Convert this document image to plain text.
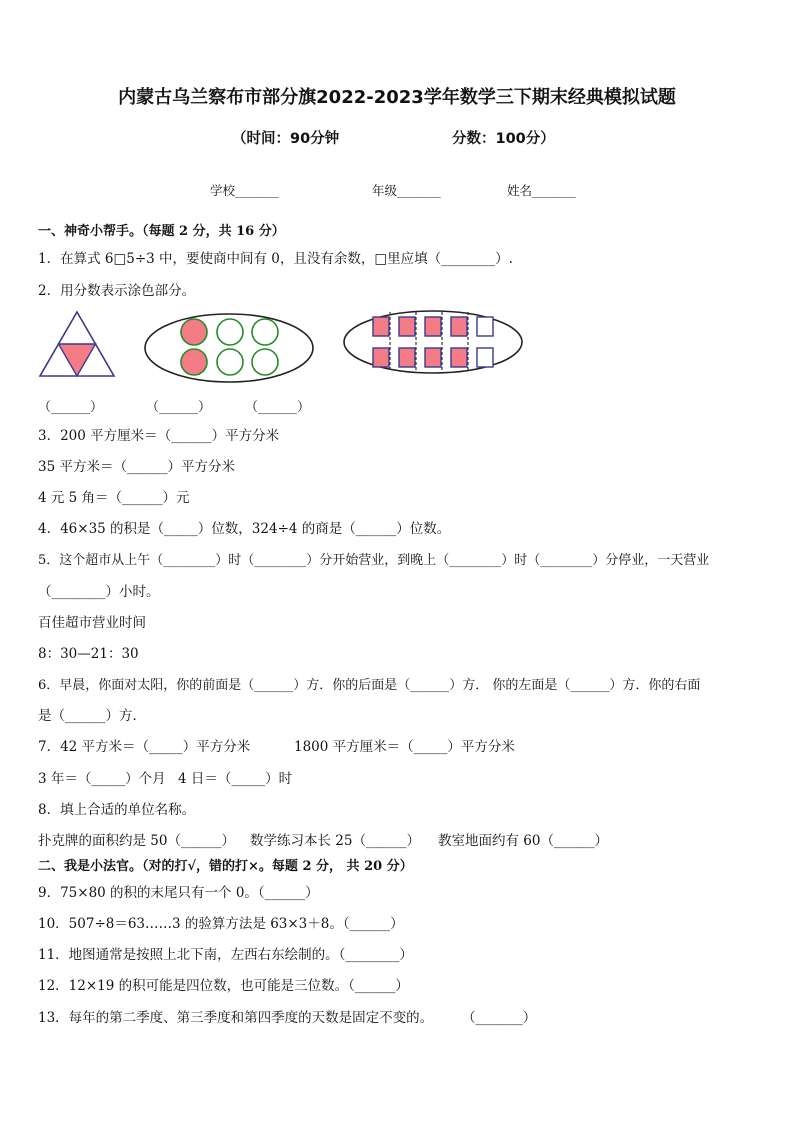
内蒙古乌兰察布市部分旗2022-2023学年数学三下期末经典模拟试题
（时间：90分钟	分数：100分）
学校_______	年级_______	姓名_______
一、神奇小帮手。（每题 2 分，共 16 分）
1．在算式 6□5÷3 中，要使商中间有 0，且没有余数，□里应填（________）.
2．用分数表示涂色部分。
（______）	（______）	（______）
3．200 平方厘米＝（______）平方分米
35 平方米＝（______）平方分米
4 元 5 角＝（______）元
4．46×35 的积是（_____）位数，324÷4 的商是（______）位数。
5．这个超市从上午（________）时（________）分开始营业，到晚上（________）时（________）分停业，一天营业
（________）小时。
百佳超市营业时间
8：30—21：30
6．早晨，你面对太阳，你的前面是（______）方．你的后面是（______）方． 你的左面是（______）方．你的右面
是（______）方．
7．42 平方米＝（_____）平方分米	1800 平方厘米＝（_____）平方分米
3 年＝（_____）个月 4 日＝（_____）时
8．填上合适的单位名称。
扑克牌的面积约是 50（______） 数学练习本长 25（______） 教室地面约有 60（______）
二、我是小法官。（对的打√，错的打×。每题 2 分， 共 20 分）
9．75×80 的积的末尾只有一个 0。（______）
10．507÷8＝63……3 的验算方法是 63×3＋8。（______）
11．地图通常是按照上北下南，左西右东绘制的。（________）
12．12×19 的积可能是四位数，也可能是三位数。（______）
13．每年的第二季度、第三季度和第四季度的天数是固定不变的。 （_______）
